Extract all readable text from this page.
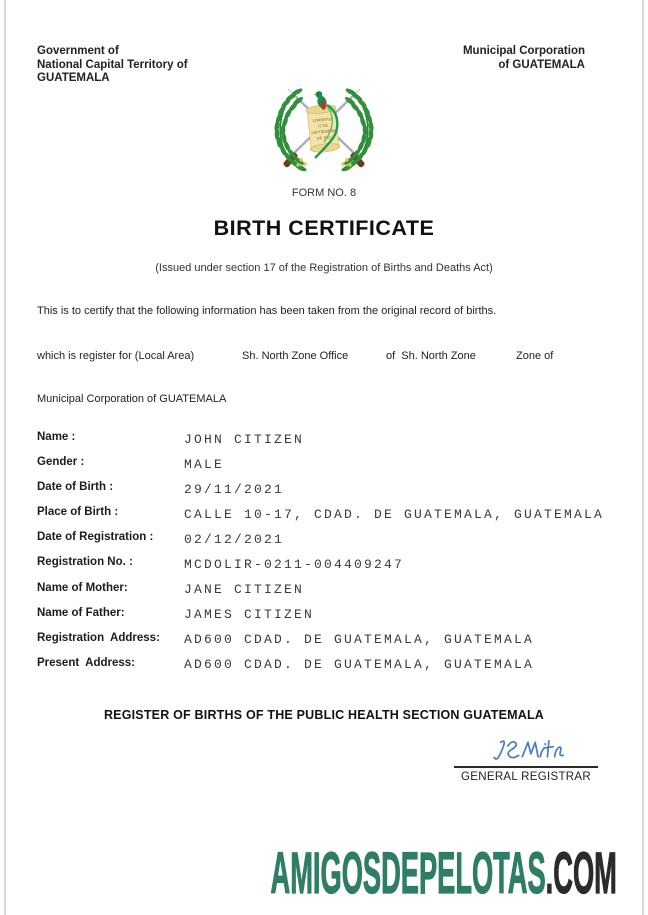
Government of
National Capital Territory of
GUATEMALA
Municipal Corporation
of GUATEMALA
LIBERTAD
15 DE
SEPTIEMBRE
DE 1821
FORM NO. 8
BIRTH CERTIFICATE
(Issued under section 17 of the Registration of Births and Deaths Act)
This is to certify that the following information has been taken from the original record of births.
which is register for (Local Area)	Sh. North Zone Office	of  Sh. North Zone	Zone of
Municipal Corporation of GUATEMALA
Name :	JOHN CITIZEN
Gender :	MALE
Date of Birth :	29/11/2021
Place of Birth :	CALLE 10-17, CDAD. DE GUATEMALA, GUATEMALA
Date of Registration : 02/12/2021
Registration No. :	MCDOLIR-0211-004409247
Name of Mother:	JANE CITIZEN
Name of Father:	JAMES CITIZEN
Registration  Address: AD600 CDAD. DE GUATEMALA, GUATEMALA
Present  Address:	AD600 CDAD. DE GUATEMALA, GUATEMALA
REGISTER OF BIRTHS OF THE PUBLIC HEALTH SECTION GUATEMALA
GENERAL REGISTRAR
AMIGOSDEPELOTAS.COM
